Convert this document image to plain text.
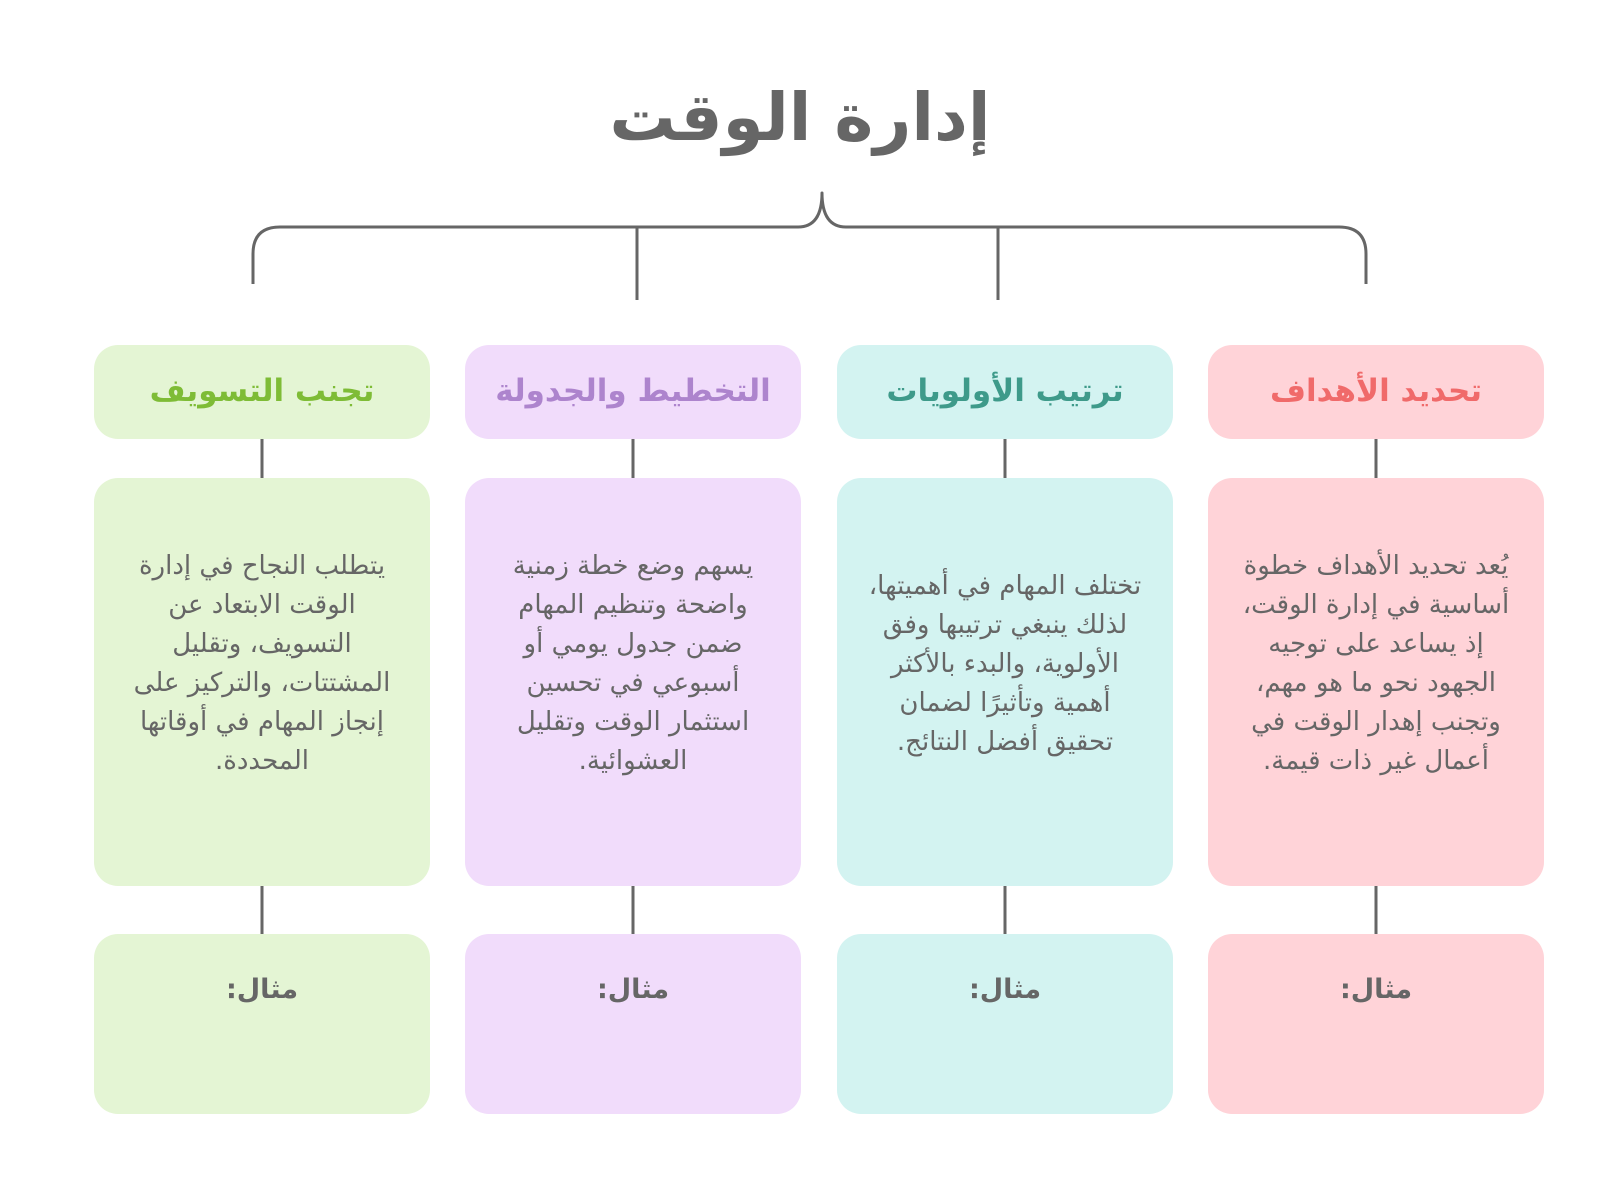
إدارة الوقت
تحديد الأهداف
يُعد تحديد الأهداف خطوة أساسية في إدارة الوقت، إذ يساعد على توجيه الجهود نحو ما هو مهم، وتجنب إهدار الوقت في أعمال غير ذات قيمة.
مثال:
ترتيب الأولويات
تختلف المهام في أهميتها، لذلك ينبغي ترتيبها وفق الأولوية، والبدء بالأكثر أهمية وتأثيرًا لضمان تحقيق أفضل النتائج.
مثال:
التخطيط والجدولة
يسهم وضع خطة زمنية واضحة وتنظيم المهام ضمن جدول يومي أو أسبوعي في تحسين استثمار الوقت وتقليل العشوائية.
مثال:
تجنب التسويف
يتطلب النجاح في إدارة الوقت الابتعاد عن التسويف، وتقليل المشتتات، والتركيز على إنجاز المهام في أوقاتها المحددة.
مثال:
